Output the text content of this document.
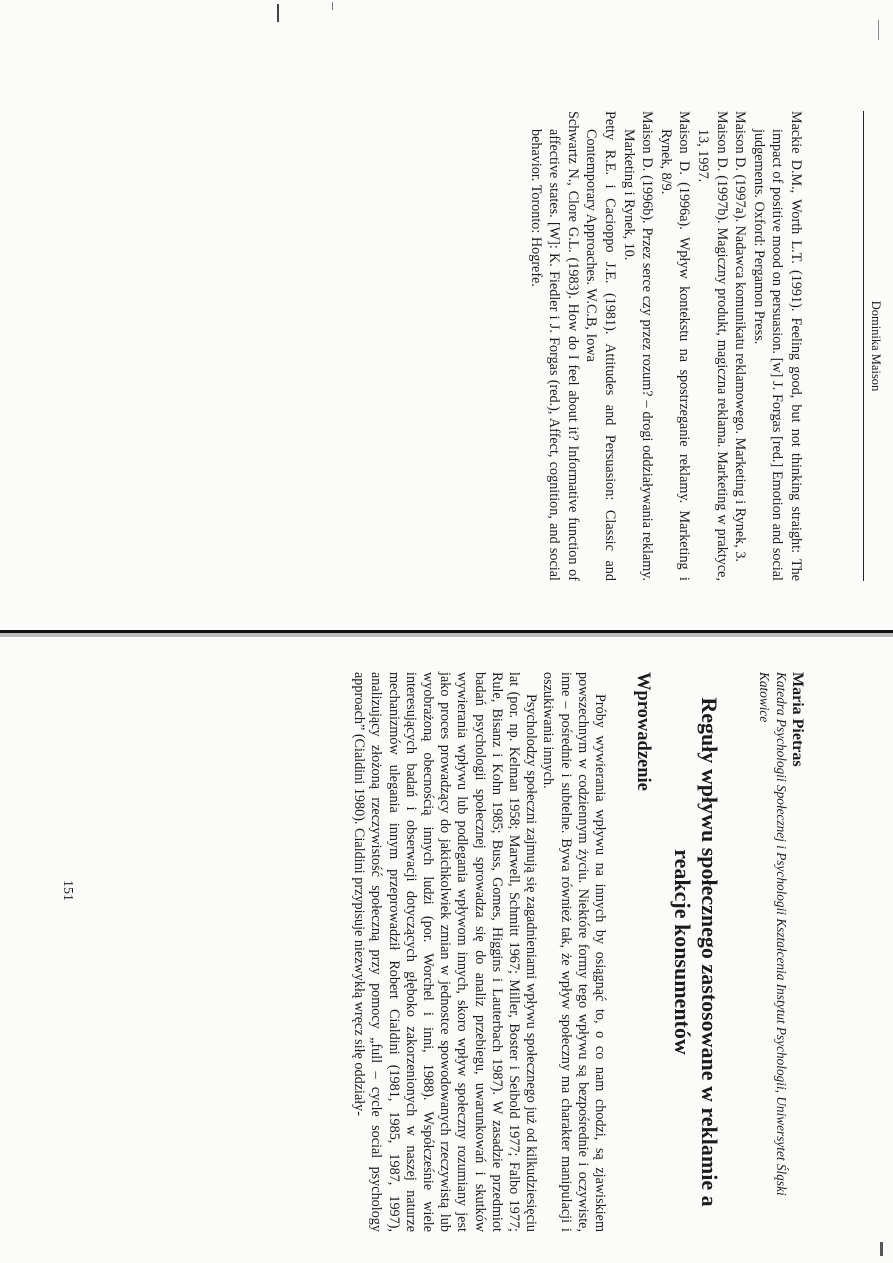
Dominika Maison
Mackie D.M., Worth L.T. (1991). Feeling good, but not thinking straight: The impact of positive mood on persuasion. [w] J. Forgas [red.] Emotion and social judgements. Oxford: Pergamon Press.
Maison D. (1997a). Nadawca komunikatu reklamowego. Marketing i Rynek, 3.
Maison D. (1997b). Magiczny produkt, magiczna reklama. Marketing w praktyce, 13, 1997.
Maison D. (1996a). Wpływ kontekstu na spostrzeganie reklamy. Marketing i Rynek, 8/9.
Maison D. (1996b). Przez serce czy przez rozum? – drogi oddziaływania reklamy. Marketing i Rynek, 10.
Petty R.E. i Cacioppo J.E. (1981). Attitudes and Persuasion: Classic and Contemporary Approaches. W.C.B, Iowa
Schwartz N., Clore G.L. (1983). How do I feel about it? Informative function of affective states. [W]: K. Fiedler i J. Forgas (red.), Affect, cognition, and social behavior. Toronto: Hogrefe.
Maria Pietras
Katedra Psychologii Społecznej i Psychologii Kształcenia Instytut Psychologii, Uniwersytet Śląski Katowice
Reguły wpływu społecznego zastosowane w reklamie a reakcje konsumentów
Wprowadzenie

Próby wywierania wpływu na innych by osiągnąć to, o co nam chodzi, są zjawiskiem powszechnym w codziennym życiu. Niektóre formy tego wpływu są bezpośrednie i oczywiste, inne – pośrednie i subtelne. Bywa również tak, że wpływ społeczny ma charakter manipulacji i oszukiwania innych.

Psycholodzy społeczni zajmują się zagadnieniami wpływu społecznego już od kilkudziesięciu lat (por. np. Kelman 1958; Marwell, Schmitt 1967; Miller, Boster i Seibold 1977; Falbo 1977; Rule, Bisanz i Kohn 1985; Buss, Gomes, Higgins i Lauterbach 1987). W zasadzie przedmiot badań psychologii społecznej sprowadza się do analiz przebiegu, uwarunkowań i skutków wywierania wpływu lub podlegania wpływom innych, skoro wpływ społeczny rozumiany jest jako proces prowadzący do jakichkolwiek zmian w jednostce spowodowanych rzeczywistą lub wyobrażoną obecnością innych ludzi (por. Worchel i inni, 1988). Współcześnie wiele interesujących badań i obserwacji dotyczących głęboko zakorzenionych w naszej naturze mechanizmów ulegania innym przeprowadził Robert Cialdini (1981, 1985, 1987, 1997), analizujący złożoną rzeczywistość społeczną przy pomocy „full – cycle social psychology approach” (Cialdini 1980). Cialdini przypisuje niezwykłą wręcz siłę oddziały-

151
